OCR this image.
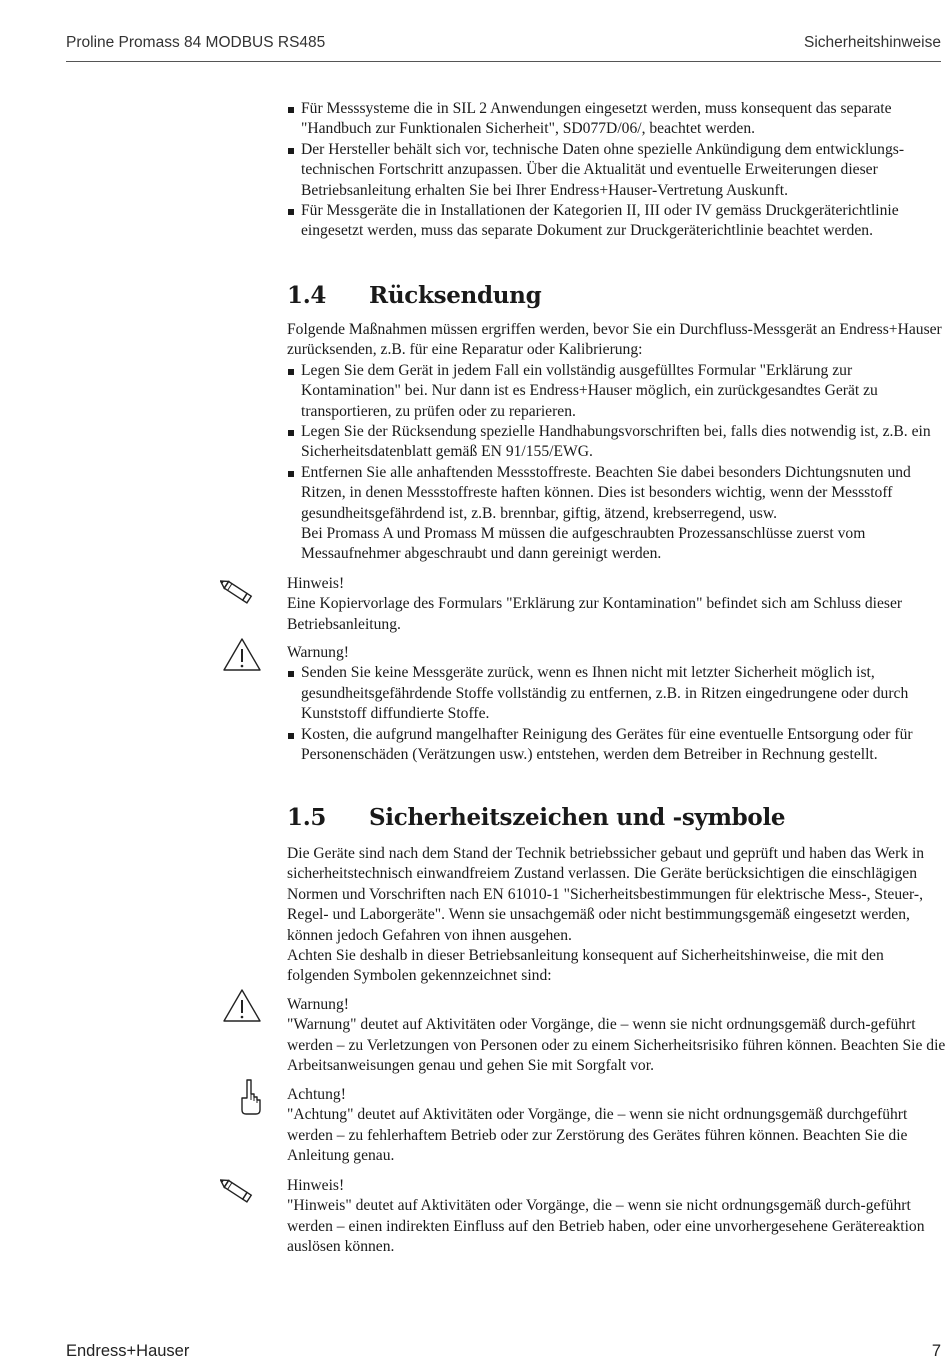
Proline Promass 84 MODBUS RS485	Sicherheitshinweise
Für Messsysteme die in SIL 2 Anwendungen eingesetzt werden, muss konsequent das separate "Handbuch zur Funktionalen Sicherheit", SD077D/06/, beachtet werden.
Der Hersteller behält sich vor, technische Daten ohne spezielle Ankündigung dem entwicklungs-technischen Fortschritt anzupassen. Über die Aktualität und eventuelle Erweiterungen dieser Betriebsanleitung erhalten Sie bei Ihrer Endress+Hauser-Vertretung Auskunft.
Für Messgeräte die in Installationen der Kategorien II, III oder IV gemäss Druckgeräterichtlinie eingesetzt werden, muss das separate Dokument zur Druckgeräterichtlinie beachtet werden.
1.4 Rücksendung

Folgende Maßnahmen müssen ergriffen werden, bevor Sie ein Durchfluss-Messgerät an Endress+Hauser zurücksenden, z.B. für eine Reparatur oder Kalibrierung:

Legen Sie dem Gerät in jedem Fall ein vollständig ausgefülltes Formular "Erklärung zur Kontamination" bei. Nur dann ist es Endress+Hauser möglich, ein zurückgesandtes Gerät zu transportieren, zu prüfen oder zu reparieren.
Legen Sie der Rücksendung spezielle Handhabungsvorschriften bei, falls dies notwendig ist, z.B. ein Sicherheitsdatenblatt gemäß EN 91/155/EWG.
Entfernen Sie alle anhaftenden Messstoffreste. Beachten Sie dabei besonders Dichtungsnuten und Ritzen, in denen Messstoffreste haften können. Dies ist besonders wichtig, wenn der Messstoff gesundheitsgefährdend ist, z.B. brennbar, giftig, ätzend, krebserregend, usw.

Bei Promass A und Promass M müssen die aufgeschraubten Prozessanschlüsse zuerst vom Messaufnehmer abgeschraubt und dann gereinigt werden.

Hinweis!

Eine Kopiervorlage des Formulars "Erklärung zur Kontamination" befindet sich am Schluss dieser Betriebsanleitung.

Warnung!

Senden Sie keine Messgeräte zurück, wenn es Ihnen nicht mit letzter Sicherheit möglich ist, gesundheitsgefährdende Stoffe vollständig zu entfernen, z.B. in Ritzen eingedrungene oder durch Kunststoff diffundierte Stoffe.
Kosten, die aufgrund mangelhafter Reinigung des Gerätes für eine eventuelle Entsorgung oder für Personenschäden (Verätzungen usw.) entstehen, werden dem Betreiber in Rechnung gestellt.
1.5 Sicherheitszeichen und -symbole

Die Geräte sind nach dem Stand der Technik betriebssicher gebaut und geprüft und haben das Werk in sicherheitstechnisch einwandfreiem Zustand verlassen. Die Geräte berücksichtigen die einschlägigen Normen und Vorschriften nach EN 61010-1 "Sicherheitsbestimmungen für elektrische Mess-, Steuer-, Regel- und Laborgeräte". Wenn sie unsachgemäß oder nicht bestimmungsgemäß eingesetzt werden, können jedoch Gefahren von ihnen ausgehen.

Achten Sie deshalb in dieser Betriebsanleitung konsequent auf Sicherheitshinweise, die mit den folgenden Symbolen gekennzeichnet sind:

Warnung!

"Warnung" deutet auf Aktivitäten oder Vorgänge, die – wenn sie nicht ordnungsgemäß durch-geführt werden – zu Verletzungen von Personen oder zu einem Sicherheitsrisiko führen können. Beachten Sie die Arbeitsanweisungen genau und gehen Sie mit Sorgfalt vor.

Achtung!

"Achtung" deutet auf Aktivitäten oder Vorgänge, die – wenn sie nicht ordnungsgemäß durchgeführt werden – zu fehlerhaftem Betrieb oder zur Zerstörung des Gerätes führen können. Beachten Sie die Anleitung genau.

Hinweis!

"Hinweis" deutet auf Aktivitäten oder Vorgänge, die – wenn sie nicht ordnungsgemäß durch-geführt werden – einen indirekten Einfluss auf den Betrieb haben, oder eine unvorhergesehene Gerätereaktion auslösen können.

Endress+Hauser	7
